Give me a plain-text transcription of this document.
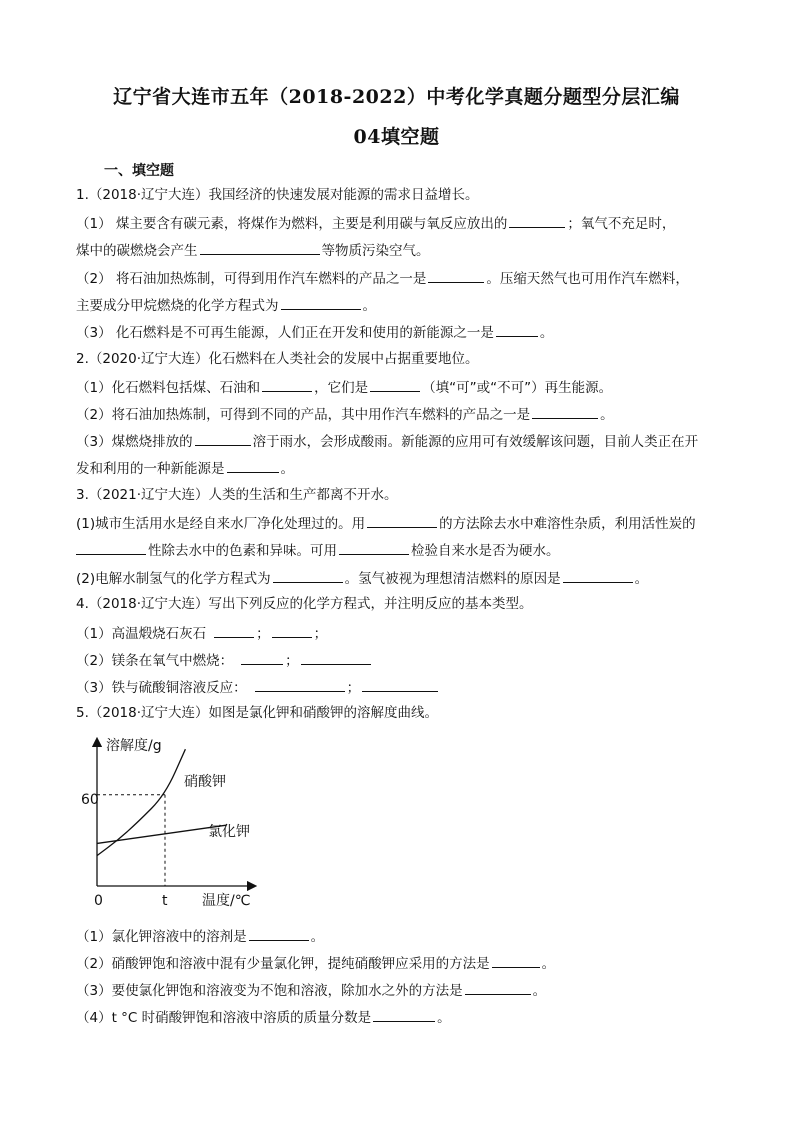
辽宁省大连市五年（2018-2022）中考化学真题分题型分层汇编
04填空题
一、填空题
1.（2018·辽宁大连）我国经济的快速发展对能源的需求日益增长。
（1） 煤主要含有碳元素，将煤作为燃料，主要是利用碳与氧反应放出的	；氧气不充足时，
煤中的碳燃烧会产生	等物质污染空气。
（2） 将石油加热炼制，可得到用作汽车燃料的产品之一是	。压缩天然气也可用作汽车燃料，
主要成分甲烷燃烧的化学方程式为	。
（3） 化石燃料是不可再生能源，人们正在开发和使用的新能源之一是	。
2.（2020·辽宁大连）化石燃料在人类社会的发展中占据重要地位。
（1）化石燃料包括煤、石油和	，它们是	（填“可”或“不可”）再生能源。
（2）将石油加热炼制，可得到不同的产品，其中用作汽车燃料的产品之一是	。
（3）煤燃烧排放的	溶于雨水，会形成酸雨。新能源的应用可有效缓解该问题，目前人类正在开
发和利用的一种新能源是	。
3.（2021·辽宁大连）人类的生活和生产都离不开水。
(1)城市生活用水是经自来水厂净化处理过的。用	的方法除去水中难溶性杂质，利用活性炭的
性除去水中的色素和异味。可用	检验自来水是否为硬水。
(2)电解水制氢气的化学方程式为	。氢气被视为理想清洁燃料的原因是	。
4.（2018·辽宁大连）写出下列反应的化学方程式，并注明反应的基本类型。
（1）高温煅烧石灰石	；	；
（2）镁条在氧气中燃烧：	；
（3）铁与硫酸铜溶液反应：	；
5.（2018·辽宁大连）如图是氯化钾和硝酸钾的溶解度曲线。
溶解度/g
温度/℃
0	t
60
硝酸钾
氯化钾
（1）氯化钾溶液中的溶剂是	。
（2）硝酸钾饱和溶液中混有少量氯化钾，提纯硝酸钾应采用的方法是	。
（3）要使氯化钾饱和溶液变为不饱和溶液，除加水之外的方法是	。
（4）t °C 时硝酸钾饱和溶液中溶质的质量分数是	。
